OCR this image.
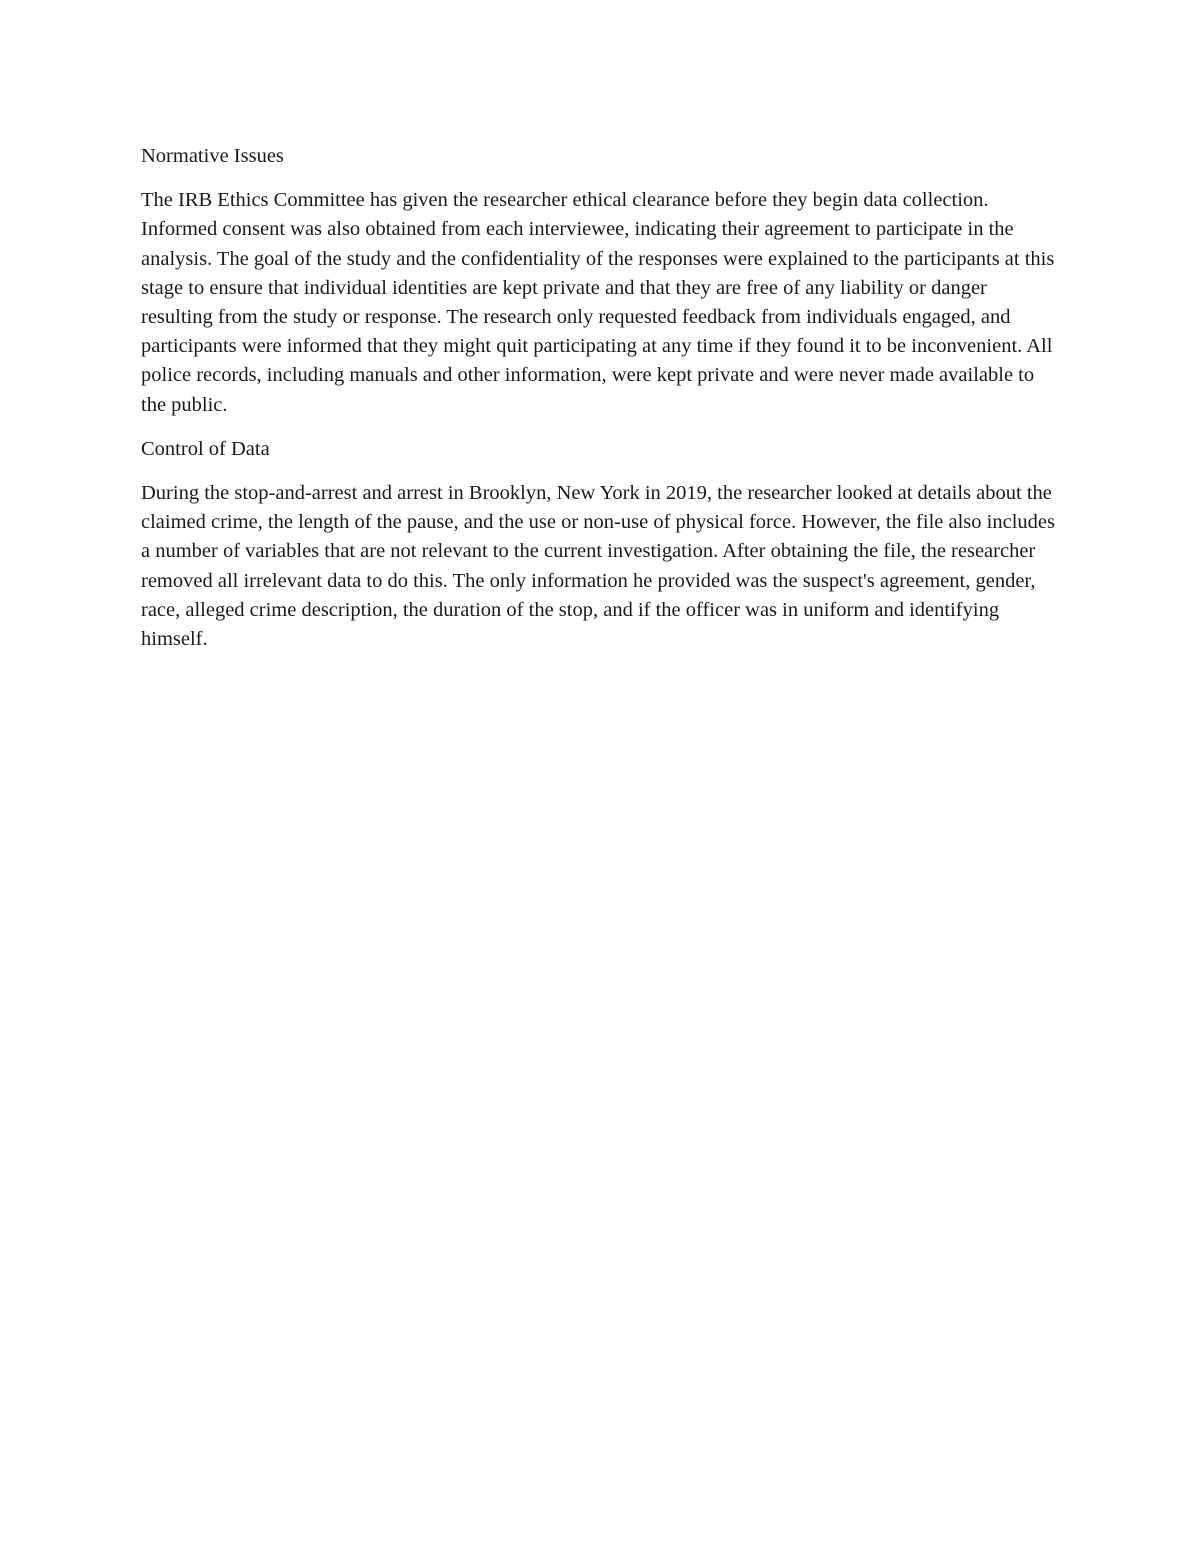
Normative Issues

The IRB Ethics Committee has given the researcher ethical clearance before they begin data collection. Informed consent was also obtained from each interviewee, indicating their agreement to participate in the analysis. The goal of the study and the confidentiality of the responses were explained to the participants at this stage to ensure that individual identities are kept private and that they are free of any liability or danger resulting from the study or response. The research only requested feedback from individuals engaged, and participants were informed that they might quit participating at any time if they found it to be inconvenient. All police records, including manuals and other information, were kept private and were never made available to the public.

Control of Data

During the stop-and-arrest and arrest in Brooklyn, New York in 2019, the researcher looked at details about the claimed crime, the length of the pause, and the use or non-use of physical force. However, the file also includes a number of variables that are not relevant to the current investigation. After obtaining the file, the researcher removed all irrelevant data to do this. The only information he provided was the suspect's agreement, gender, race, alleged crime description, the duration of the stop, and if the officer was in uniform and identifying himself.
